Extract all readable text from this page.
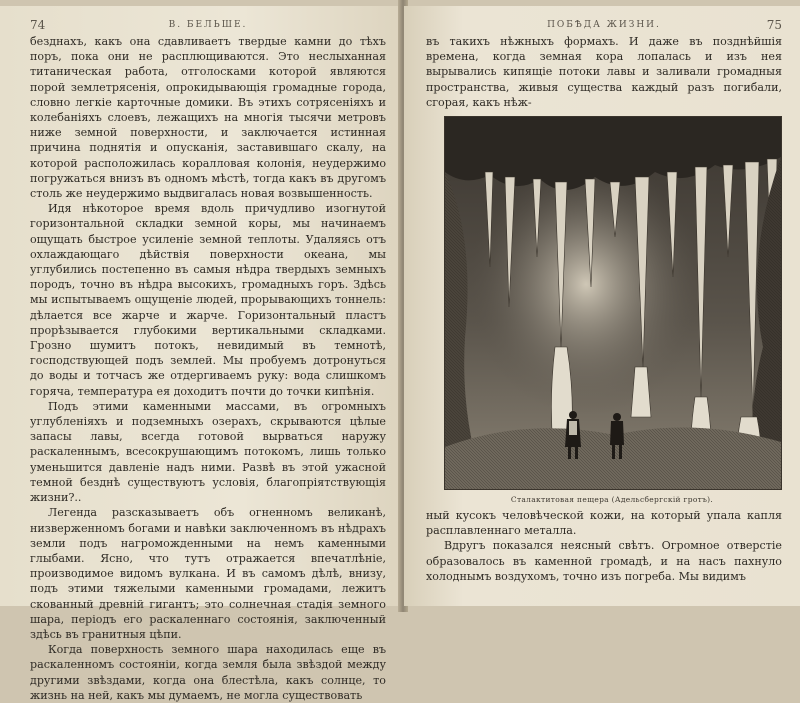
74	В. БЕЛЬШЕ.

безднахъ, какъ она сдавливаетъ твердые камни до тѣхъ поръ, пока они не расплющиваются. Это неслыханная титаническая работа, отголосками которой являются порой землетрясенія, опрокидывающія громадные города, словно легкіе карточные домики. Въ этихъ сотрясеніяхъ и колебаніяхъ слоевъ, лежащихъ на многія тысячи метровъ ниже земной поверхности, и заключается истинная причина поднятія и опусканія, заставившаго скалу, на которой расположилась коралловая колонія, неудержимо погружаться внизъ въ одномъ мѣстѣ, тогда какъ въ другомъ столь же неудержимо выдвигалась новая возвышенность.

Идя нѣкоторое время вдоль причудливо изогнутой горизонтальной складки земной коры, мы начинаемъ ощущать быстрое усиленіе земной теплоты. Удаляясь отъ охлаждающаго дѣйствія поверхности океана, мы углубились постепенно въ самыя нѣдра твердыхъ земныхъ породъ, точно въ нѣдра высокихъ, громадныхъ горъ. Здѣсь мы испытываемъ ощущеніе людей, прорывающихъ тоннель: дѣлается все жарче и жарче. Горизонтальный пластъ прорѣзывается глубокими вертикальными складками. Грозно шумитъ потокъ, невидимый въ темнотѣ, господствующей подъ землей. Мы пробуемъ дотронуться до воды и тотчасъ же отдергиваемъ руку: вода слишкомъ горяча, температура ея доходитъ почти до точки кипѣнія.

Подъ этими каменными массами, въ огромныхъ углубленіяхъ и подземныхъ озерахъ, скрываются цѣлые запасы лавы, всегда готовой вырваться наружу раскаленнымъ, всесокрушающимъ потокомъ, лишь только уменьшится давленіе надъ ними. Развѣ въ этой ужасной темной безднѣ существуютъ условія, благопріятствующія жизни?..

Легенда разсказываетъ объ огненномъ великанѣ, низверженномъ богами и навѣки заключенномъ въ нѣдрахъ земли подъ нагроможденными на немъ каменными глыбами. Ясно, что тутъ отражается впечатлѣніе, производимое видомъ вулкана. И въ самомъ дѣлѣ, внизу, подъ этими тяжелыми каменными громадами, лежитъ скованный древній гигантъ; это солнечная стадія земного шара, періодъ его раскаленнаго состоянія, заключенный здѣсь въ гранитныя цѣпи.

Когда поверхность земного шара находилась еще въ раскаленномъ состояніи, когда земля была звѣздой между другими звѣздами, когда она блестѣла, какъ солнце, то жизнь на ней, какъ мы думаемъ, не могла существовать

ПОБѢДА ЖИЗНИ.	75

въ такихъ нѣжныхъ формахъ. И даже въ позднѣйшія времена, когда земная кора лопалась и изъ нея вырывались кипящіе потоки лавы и заливали громадныя пространства, живыя существа каждый разъ погибали, сгорая, какъ нѣж-

Сталактитовая пещера (Адельсбергскій гротъ).

ный кусокъ человѣческой кожи, на который упала капля расплавленнаго металла.

Вдругъ показался неясный свѣтъ. Огромное отверстіе образовалось въ каменной громадѣ, и на насъ пахнуло холоднымъ воздухомъ, точно изъ погреба. Мы видимъ
